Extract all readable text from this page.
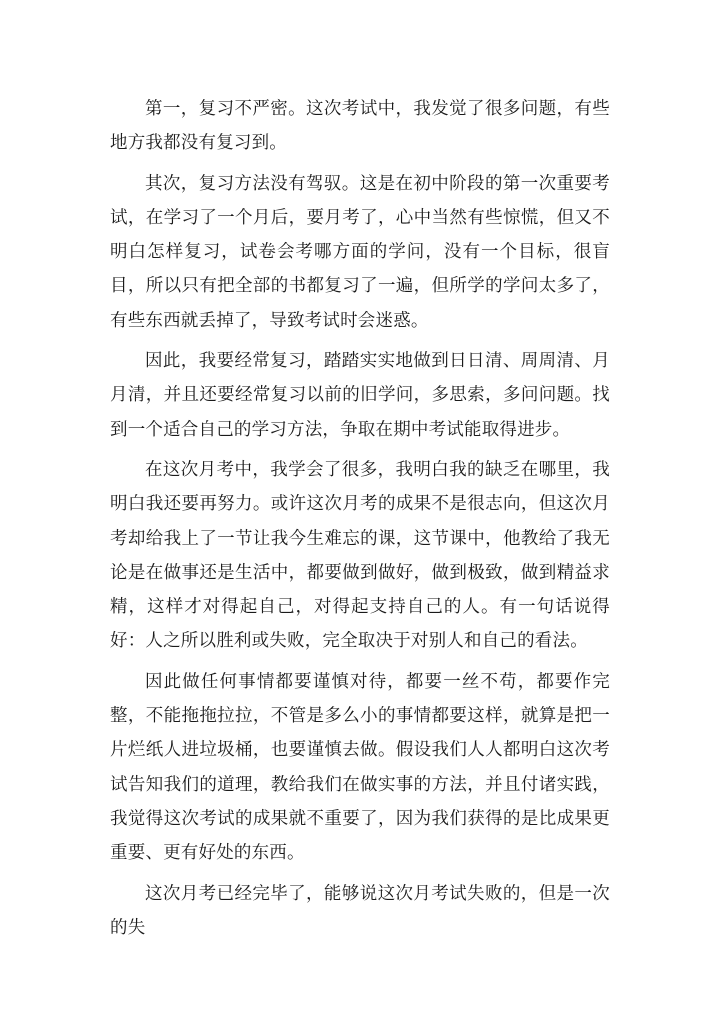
第一，复习不严密。这次考试中，我发觉了很多问题，有些地方我都没有复习到。

其次，复习方法没有驾驭。这是在初中阶段的第一次重要考试，在学习了一个月后，要月考了，心中当然有些惊慌，但又不明白怎样复习，试卷会考哪方面的学问，没有一个目标，很盲目，所以只有把全部的书都复习了一遍，但所学的学问太多了，有些东西就丢掉了，导致考试时会迷惑。

因此，我要经常复习，踏踏实实地做到日日清、周周清、月月清，并且还要经常复习以前的旧学问，多思索，多问问题。找到一个适合自己的学习方法，争取在期中考试能取得进步。

在这次月考中，我学会了很多，我明白我的缺乏在哪里，我明白我还要再努力。或许这次月考的成果不是很志向，但这次月考却给我上了一节让我今生难忘的课，这节课中，他教给了我无论是在做事还是生活中，都要做到做好，做到极致，做到精益求精，这样才对得起自己，对得起支持自己的人。有一句话说得好：人之所以胜利或失败，完全取决于对别人和自己的看法。

因此做任何事情都要谨慎对待，都要一丝不苟，都要作完整，不能拖拖拉拉，不管是多么小的事情都要这样，就算是把一片烂纸人进垃圾桶，也要谨慎去做。假设我们人人都明白这次考试告知我们的道理，教给我们在做实事的方法，并且付诸实践，我觉得这次考试的成果就不重要了，因为我们获得的是比成果更重要、更有好处的东西。

这次月考已经完毕了，能够说这次月考试失败的，但是一次的失
